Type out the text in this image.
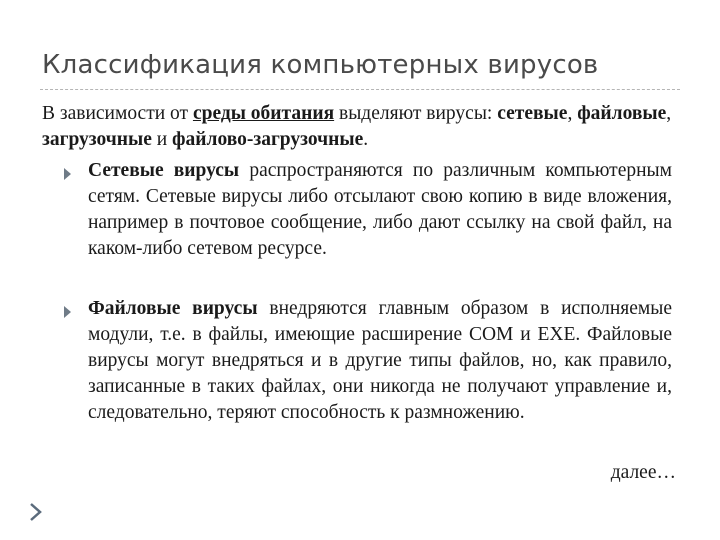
Классификация компьютерных вирусов
В зависимости от среды обитания выделяют вирусы: сетевые, файловые, загрузочные и файлово-загрузочные.
Сетевые вирусы распространяются по различным компьютерным сетям. Сетевые вирусы либо отсылают свою копию в виде вложения, например в почтовое сообщение, либо дают ссылку на свой файл, на каком-либо сетевом ресурсе.
Файловые вирусы внедряются главным образом в исполняемые модули, т.е. в файлы, имеющие расширение COM и EXE. Файловые вирусы могут внедряться и в другие типы файлов, но, как правило, записанные в таких файлах, они никогда не получают управление и, следовательно, теряют способность к размножению.
далее…
